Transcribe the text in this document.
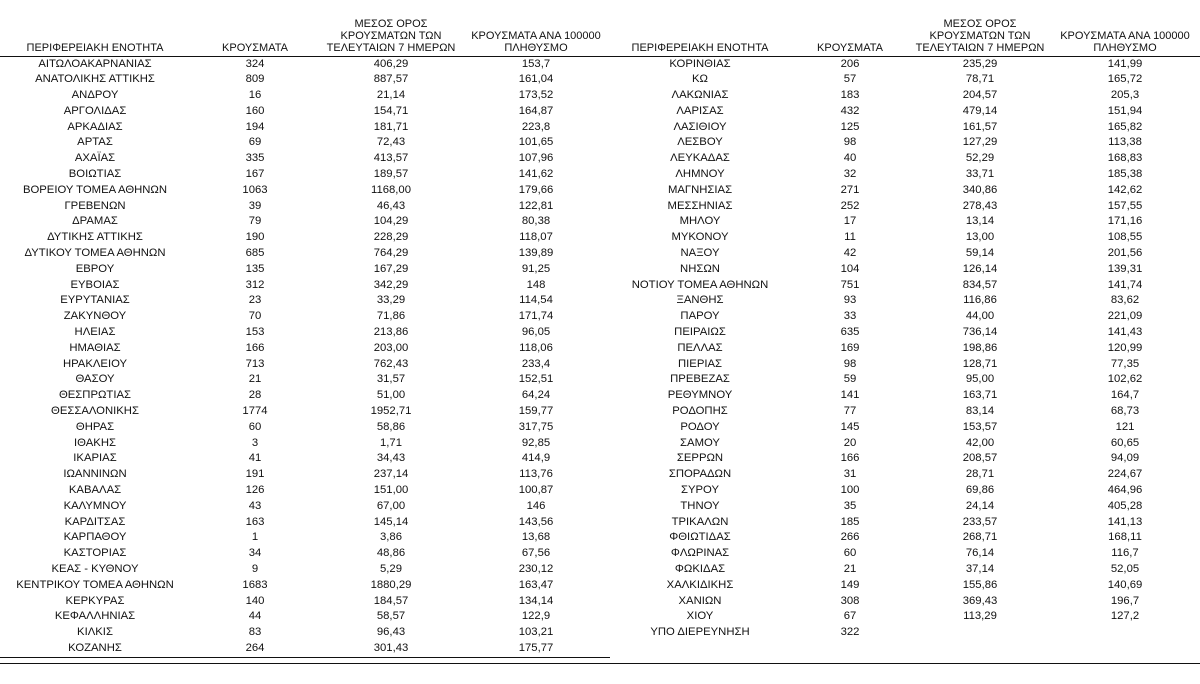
ΠΕΡΙΦΕΡΕΙΑΚΗ ΕΝΟΤΗΤΑ	ΚΡΟΥΣΜΑΤΑ	ΜΕΣΟΣ ΟΡΟΣ
ΚΡΟΥΣΜΑΤΩΝ ΤΩΝ
ΤΕΛΕΥΤΑΙΩΝ 7 ΗΜΕΡΩΝ	ΚΡΟΥΣΜΑΤΑ ΑΝΑ 100000
ΠΛΗΘΥΣΜΟ
ΑΙΤΩΛΟΑΚΑΡΝΑΝΙΑΣ	324	406,29	153,7
ΑΝΑΤΟΛΙΚΗΣ ΑΤΤΙΚΗΣ	809	887,57	161,04
ΑΝΔΡΟΥ	16	21,14	173,52
ΑΡΓΟΛΙΔΑΣ	160	154,71	164,87
ΑΡΚΑΔΙΑΣ	194	181,71	223,8
ΑΡΤΑΣ	69	72,43	101,65
ΑΧΑΪΑΣ	335	413,57	107,96
ΒΟΙΩΤΙΑΣ	167	189,57	141,62
ΒΟΡΕΙΟΥ ΤΟΜΕΑ ΑΘΗΝΩΝ	1063	1168,00	179,66
ΓΡΕΒΕΝΩΝ	39	46,43	122,81
ΔΡΑΜΑΣ	79	104,29	80,38
ΔΥΤΙΚΗΣ ΑΤΤΙΚΗΣ	190	228,29	118,07
ΔΥΤΙΚΟΥ ΤΟΜΕΑ ΑΘΗΝΩΝ	685	764,29	139,89
ΕΒΡΟΥ	135	167,29	91,25
ΕΥΒΟΙΑΣ	312	342,29	148
ΕΥΡΥΤΑΝΙΑΣ	23	33,29	114,54
ΖΑΚΥΝΘΟΥ	70	71,86	171,74
ΗΛΕΙΑΣ	153	213,86	96,05
ΗΜΑΘΙΑΣ	166	203,00	118,06
ΗΡΑΚΛΕΙΟΥ	713	762,43	233,4
ΘΑΣΟΥ	21	31,57	152,51
ΘΕΣΠΡΩΤΙΑΣ	28	51,00	64,24
ΘΕΣΣΑΛΟΝΙΚΗΣ	1774	1952,71	159,77
ΘΗΡΑΣ	60	58,86	317,75
ΙΘΑΚΗΣ	3	1,71	92,85
ΙΚΑΡΙΑΣ	41	34,43	414,9
ΙΩΑΝΝΙΝΩΝ	191	237,14	113,76
ΚΑΒΑΛΑΣ	126	151,00	100,87
ΚΑΛΥΜΝΟΥ	43	67,00	146
ΚΑΡΔΙΤΣΑΣ	163	145,14	143,56
ΚΑΡΠΑΘΟΥ	1	3,86	13,68
ΚΑΣΤΟΡΙΑΣ	34	48,86	67,56
ΚΕΑΣ - ΚΥΘΝΟΥ	9	5,29	230,12
ΚΕΝΤΡΙΚΟΥ ΤΟΜΕΑ ΑΘΗΝΩΝ	1683	1880,29	163,47
ΚΕΡΚΥΡΑΣ	140	184,57	134,14
ΚΕΦΑΛΛΗΝΙΑΣ	44	58,57	122,9
ΚΙΛΚΙΣ	83	96,43	103,21
ΚΟΖΑΝΗΣ	264	301,43	175,77
ΠΕΡΙΦΕΡΕΙΑΚΗ ΕΝΟΤΗΤΑ	ΚΡΟΥΣΜΑΤΑ	ΜΕΣΟΣ ΟΡΟΣ
ΚΡΟΥΣΜΑΤΩΝ ΤΩΝ
ΤΕΛΕΥΤΑΙΩΝ 7 ΗΜΕΡΩΝ	ΚΡΟΥΣΜΑΤΑ ΑΝΑ 100000
ΠΛΗΘΥΣΜΟ
ΚΟΡΙΝΘΙΑΣ	206	235,29	141,99
ΚΩ	57	78,71	165,72
ΛΑΚΩΝΙΑΣ	183	204,57	205,3
ΛΑΡΙΣΑΣ	432	479,14	151,94
ΛΑΣΙΘΙΟΥ	125	161,57	165,82
ΛΕΣΒΟΥ	98	127,29	113,38
ΛΕΥΚΑΔΑΣ	40	52,29	168,83
ΛΗΜΝΟΥ	32	33,71	185,38
ΜΑΓΝΗΣΙΑΣ	271	340,86	142,62
ΜΕΣΣΗΝΙΑΣ	252	278,43	157,55
ΜΗΛΟΥ	17	13,14	171,16
ΜΥΚΟΝΟΥ	11	13,00	108,55
ΝΑΞΟΥ	42	59,14	201,56
ΝΗΣΩΝ	104	126,14	139,31
ΝΟΤΙΟΥ ΤΟΜΕΑ ΑΘΗΝΩΝ	751	834,57	141,74
ΞΑΝΘΗΣ	93	116,86	83,62
ΠΑΡΟΥ	33	44,00	221,09
ΠΕΙΡΑΙΩΣ	635	736,14	141,43
ΠΕΛΛΑΣ	169	198,86	120,99
ΠΙΕΡΙΑΣ	98	128,71	77,35
ΠΡΕΒΕΖΑΣ	59	95,00	102,62
ΡΕΘΥΜΝΟΥ	141	163,71	164,7
ΡΟΔΟΠΗΣ	77	83,14	68,73
ΡΟΔΟΥ	145	153,57	121
ΣΑΜΟΥ	20	42,00	60,65
ΣΕΡΡΩΝ	166	208,57	94,09
ΣΠΟΡΑΔΩΝ	31	28,71	224,67
ΣΥΡΟΥ	100	69,86	464,96
ΤΗΝΟΥ	35	24,14	405,28
ΤΡΙΚΑΛΩΝ	185	233,57	141,13
ΦΘΙΩΤΙΔΑΣ	266	268,71	168,11
ΦΛΩΡΙΝΑΣ	60	76,14	116,7
ΦΩΚΙΔΑΣ	21	37,14	52,05
ΧΑΛΚΙΔΙΚΗΣ	149	155,86	140,69
ΧΑΝΙΩΝ	308	369,43	196,7
ΧΙΟΥ	67	113,29	127,2
ΥΠΟ ΔΙΕΡΕΥΝΗΣΗ	322		
